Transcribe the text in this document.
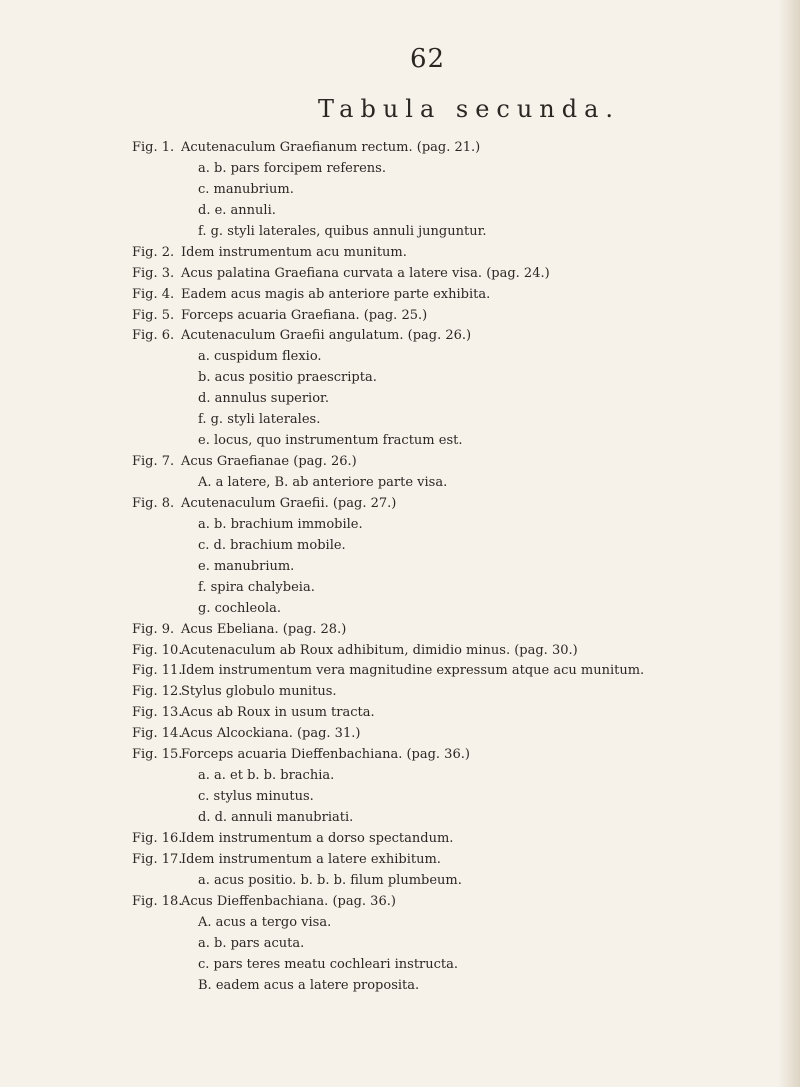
62
Tabula secunda.
Fig. 1. Acutenaculum Graefianum rectum. (pag. 21.)
a. b. pars forcipem referens.
c. manubrium.
d. e. annuli.
f. g. styli laterales, quibus annuli junguntur.
Fig. 2. Idem instrumentum acu munitum.
Fig. 3. Acus palatina Graefiana curvata a latere visa. (pag. 24.)
Fig. 4. Eadem acus magis ab anteriore parte exhibita.
Fig. 5. Forceps acuaria Graefiana. (pag. 25.)
Fig. 6. Acutenaculum Graefii angulatum. (pag. 26.)
a. cuspidum flexio.
b. acus positio praescripta.
d. annulus superior.
f. g. styli laterales.
e. locus, quo instrumentum fractum est.
Fig. 7. Acus Graefianae (pag. 26.)
A. a latere, B. ab anteriore parte visa.
Fig. 8. Acutenaculum Graefii. (pag. 27.)
a. b. brachium immobile.
c. d. brachium mobile.
e. manubrium.
f. spira chalybeia.
g. cochleola.
Fig. 9. Acus Ebeliana. (pag. 28.)
Fig. 10.
Acutenaculum ab Roux adhibitum, dimidio minus. (pag. 30.)
Fig. 11.
Idem instrumentum vera magnitudine expressum atque acu munitum.
Fig. 12.
Stylus globulo munitus.
Fig. 13.
Acus ab Roux in usum tracta.
Fig. 14.
Acus Alcockiana. (pag. 31.)
Fig. 15.
Forceps acuaria Dieffenbachiana. (pag. 36.)
a. a. et b. b. brachia.
c. stylus minutus.
d. d. annuli manubriati.
Fig. 16.
Idem instrumentum a dorso spectandum.
Fig. 17.
Idem instrumentum a latere exhibitum.
a. acus positio. b. b. b. filum plumbeum.
Fig. 18.
Acus Dieffenbachiana. (pag. 36.)
A. acus a tergo visa.
a. b. pars acuta.
c. pars teres meatu cochleari instructa.
B. eadem acus a latere proposita.
